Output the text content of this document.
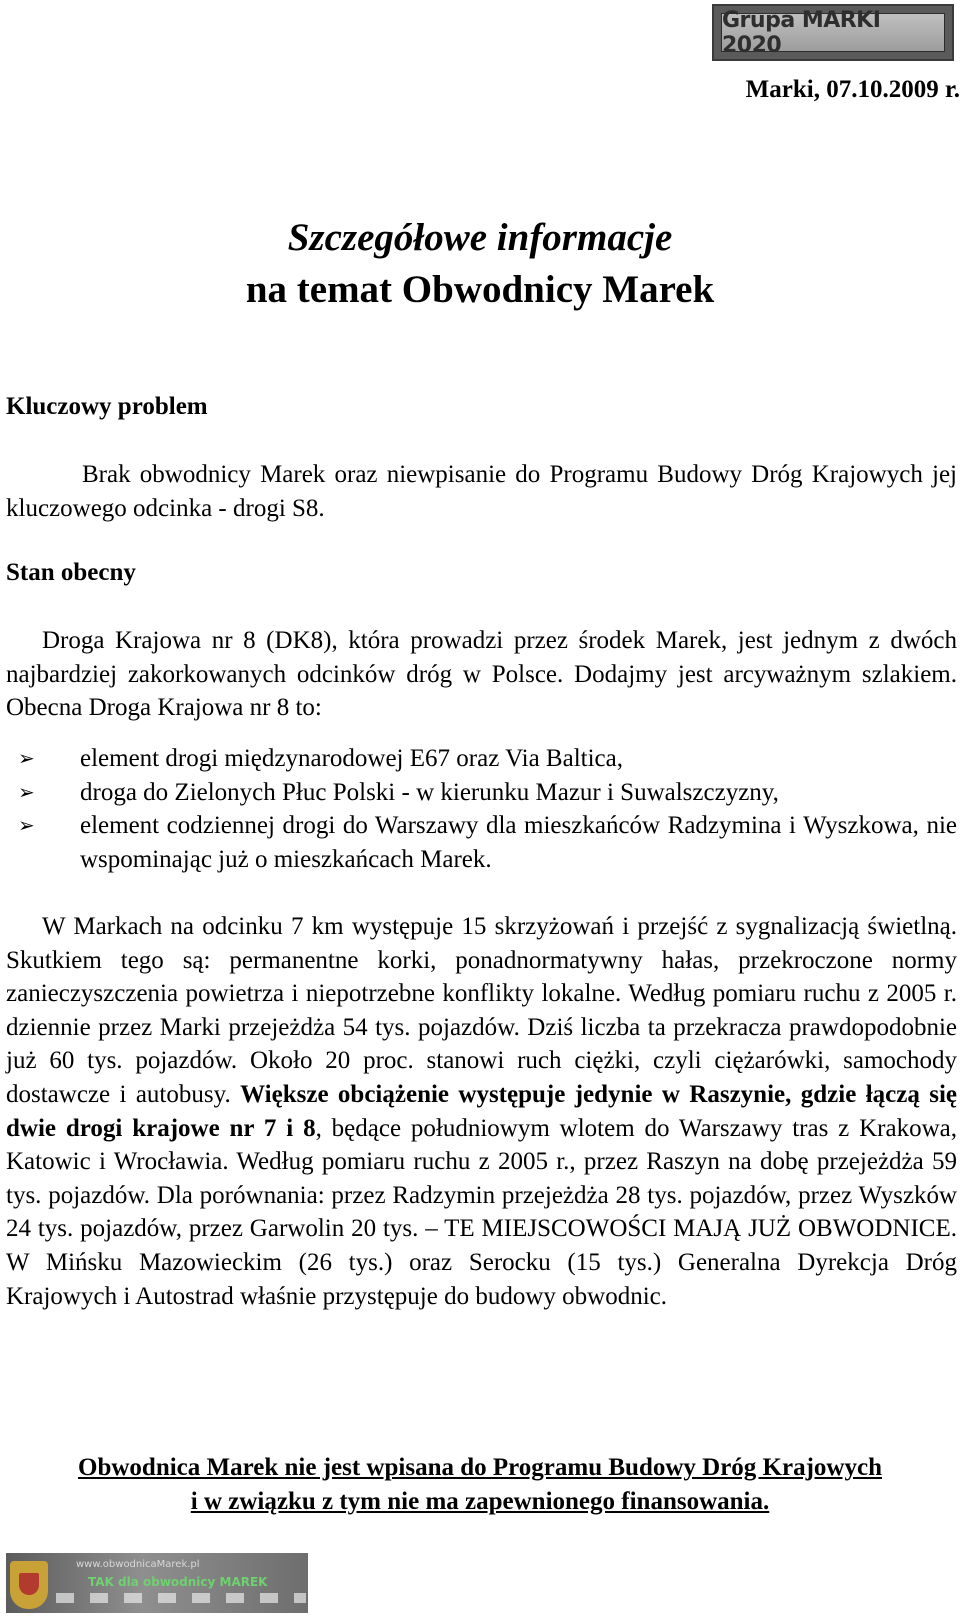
Grupa MARKI 2020
Marki, 07.10.2009 r.
Szczegółowe informacje
na temat Obwodnicy Marek
Kluczowy problem

Brak obwodnicy Marek oraz niewpisanie do Programu Budowy Dróg Krajowych jej kluczowego odcinka - drogi S8.

Stan obecny

Droga Krajowa nr 8 (DK8), która prowadzi przez środek Marek, jest jednym z dwóch najbardziej zakorkowanych odcinków dróg w Polsce. Dodajmy jest arcyważnym szlakiem. Obecna Droga Krajowa nr 8 to:

➢ element drogi międzynarodowej E67 oraz Via Baltica,
➢ droga do Zielonych Płuc Polski - w kierunku Mazur i Suwalszczyzny,
➢ element codziennej drogi do Warszawy dla mieszkańców Radzymina i Wyszkowa, nie wspominając już o mieszkańcach Marek.

W Markach na odcinku 7 km występuje 15 skrzyżowań i przejść z sygnalizacją świetlną. Skutkiem tego są: permanentne korki, ponadnormatywny hałas, przekroczone normy zanieczyszczenia powietrza i niepotrzebne konflikty lokalne. Według pomiaru ruchu z 2005 r. dziennie przez Marki przejeżdża 54 tys. pojazdów. Dziś liczba ta przekracza prawdopodobnie już 60 tys. pojazdów. Około 20 proc. stanowi ruch ciężki, czyli ciężarówki, samochody dostawcze i autobusy. Większe obciążenie występuje jedynie w Raszynie, gdzie łączą się dwie drogi krajowe nr 7 i 8, będące południowym wlotem do Warszawy tras z Krakowa, Katowic i Wrocławia. Według pomiaru ruchu z 2005 r., przez Raszyn na dobę przejeżdża 59 tys. pojazdów. Dla porównania: przez Radzymin przejeżdża 28 tys. pojazdów, przez Wyszków 24 tys. pojazdów, przez Garwolin 20 tys. – TE MIEJSCOWOŚCI MAJĄ JUŻ OBWODNICE. W Mińsku Mazowieckim (26 tys.) oraz Serocku (15 tys.) Generalna Dyrekcja Dróg Krajowych i Autostrad właśnie przystępuje do budowy obwodnic.

Obwodnica Marek nie jest wpisana do Programu Budowy Dróg Krajowych
i w związku z tym nie ma zapewnionego finansowania.

www.obwodnicaMarek.pl
TAK dla obwodnicy MAREK
